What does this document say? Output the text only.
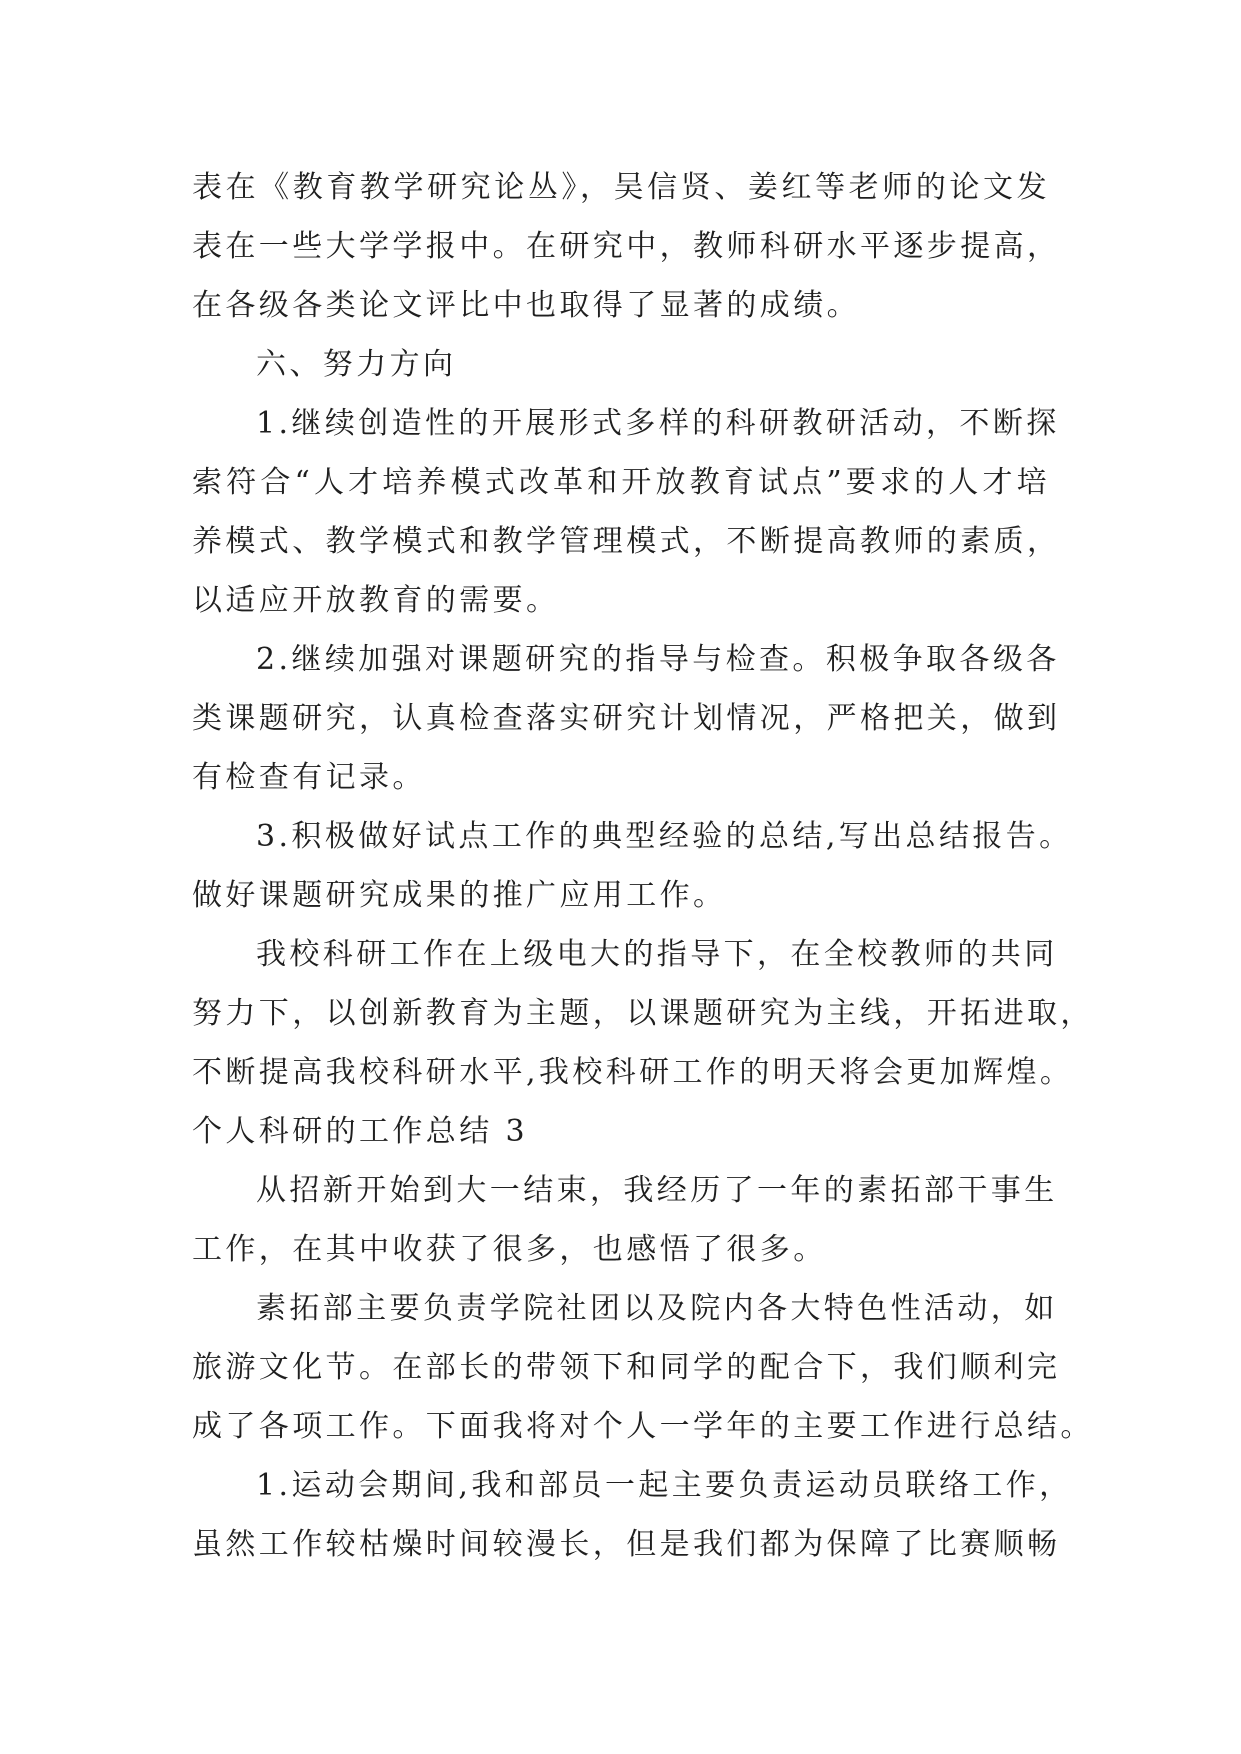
表在《教育教学研究论丛》，吴信贤、姜红等老师的论文发
表在一些大学学报中。在研究中，教师科研水平逐步提高，
在各级各类论文评比中也取得了显著的成绩。
六、努力方向
1.继续创造性的开展形式多样的科研教研活动，不断探
索符合“人才培养模式改革和开放教育试点”要求的人才培
养模式、教学模式和教学管理模式，不断提高教师的素质，
以适应开放教育的需要。
2.继续加强对课题研究的指导与检查。积极争取各级各
类课题研究，认真检查落实研究计划情况，严格把关，做到
有检查有记录。
3.积极做好试点工作的典型经验的总结,写出总结报告。
做好课题研究成果的推广应用工作。
我校科研工作在上级电大的指导下，在全校教师的共同
努力下，以创新教育为主题，以课题研究为主线，开拓进取，
不断提高我校科研水平,我校科研工作的明天将会更加辉煌。
个人科研的工作总结 3
从招新开始到大一结束，我经历了一年的素拓部干事生
工作，在其中收获了很多，也感悟了很多。
素拓部主要负责学院社团以及院内各大特色性活动，如
旅游文化节。在部长的带领下和同学的配合下，我们顺利完
成了各项工作。下面我将对个人一学年的主要工作进行总结。
1.运动会期间,我和部员一起主要负责运动员联络工作，
虽然工作较枯燥时间较漫长，但是我们都为保障了比赛顺畅
